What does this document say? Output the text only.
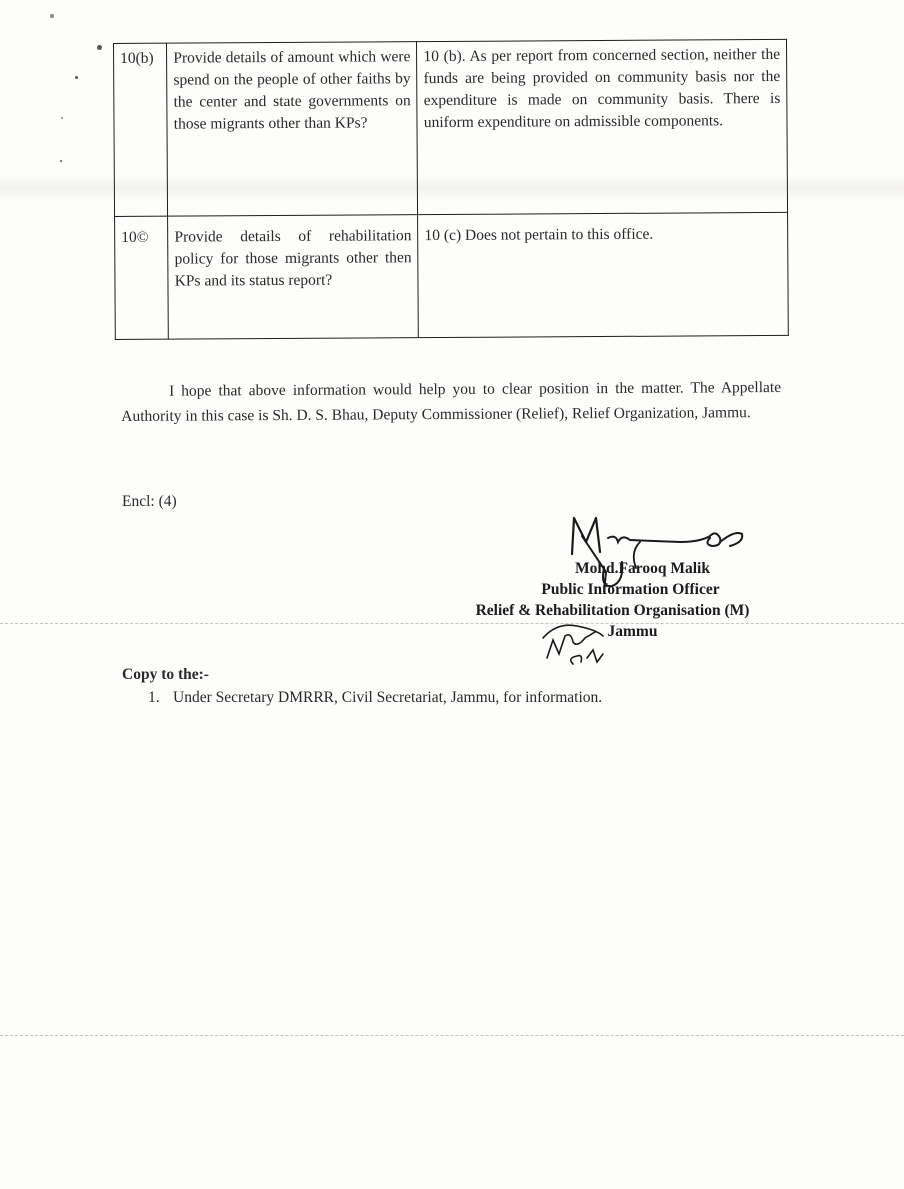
10(b)	Provide details of amount which were spend on the people of other faiths by the center and state governments on those migrants other than KPs?	10 (b). As per report from concerned section, neither the funds are being provided on community basis nor the expenditure is made on community basis. There is uniform expenditure on admissible components.
10©	Provide details of rehabilitation policy for those migrants other then KPs and its status report?	10 (c) Does not pertain to this office.

I hope that above information would help you to clear position in the matter. The Appellate Authority in this case is Sh. D. S. Bhau, Deputy Commissioner (Relief), Relief Organization, Jammu.

Encl: (4)
Mohd.Farooq Malik
Public Information Officer
Relief & Rehabilitation Organisation (M)
Jammu
Copy to the:-
1. Under Secretary DMRRR, Civil Secretariat, Jammu, for information.
